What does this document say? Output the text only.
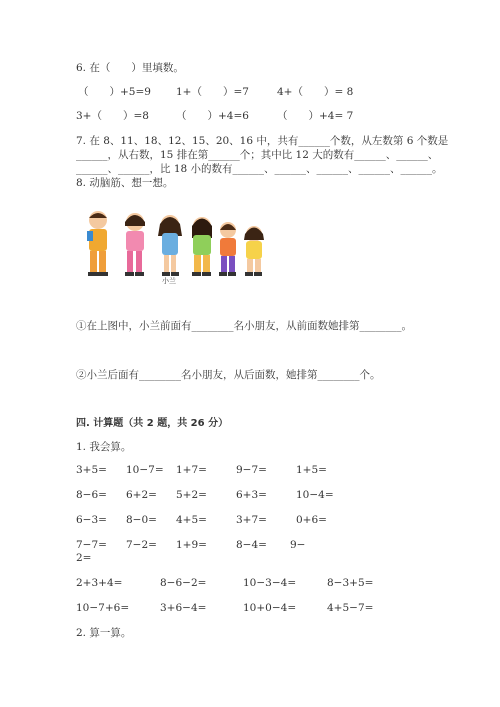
6. 在（　　）里填数。
（　　）+5=9 1+（　　）=7	4+（　　）= 8
3+（　　）=8	（　　）+4=6	（　　）+4= 7
7. 在 8、11、18、12、15、20、16 中，共有______个数，从左数第 6 个数是
______，从右数，15 排在第______个；其中比 12 大的数有______、______、
______、______，比 18 小的数有______、______、______、______、______。
8. 动脑筋、想一想。
小兰
①在上图中，小兰前面有________名小朋友，从前面数她排第________。
②小兰后面有________名小朋友，从后面数，她排第________个。
四. 计算题（共 2 题，共 26 分）
1. 我会算。
3+5= 10−7= 1+7=	9−7=	1+5=
8−6= 6+2= 5+2=	6+3=	10−4=
6−3= 8−0= 4+5=	3+7=	0+6=
7−7= 7−2= 1+9=	8−4= 9−
2=
2+3+4=	8−6−2=	10−3−4=	8−3+5=
10−7+6=	3+6−4=	10+0−4=	4+5−7=
2. 算一算。
